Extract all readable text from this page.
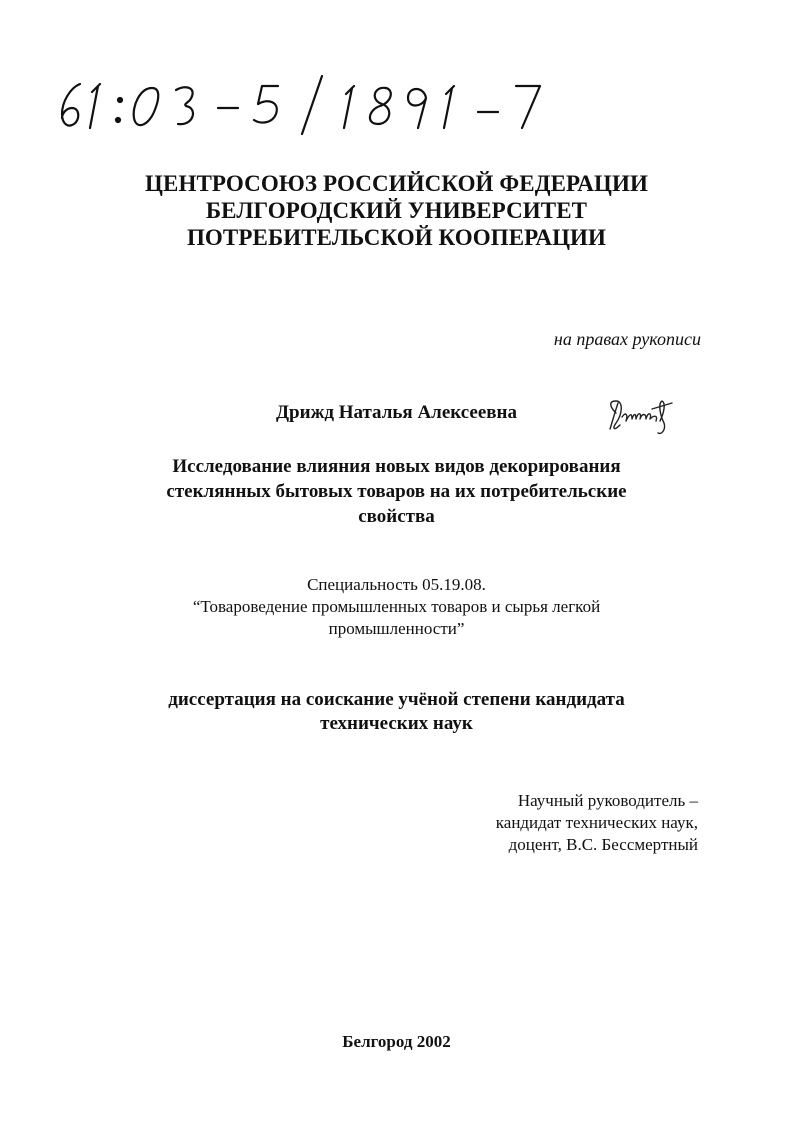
ЦЕНТРОСОЮЗ РОССИЙСКОЙ ФЕДЕРАЦИИ
БЕЛГОРОДСКИЙ УНИВЕРСИТЕТ
ПОТРЕБИТЕЛЬСКОЙ КООПЕРАЦИИ
на правах рукописи
Дрижд Наталья Алексеевна
Исследование влияния новых видов декорирования
стеклянных бытовых товаров на их потребительские
свойства
Специальность 05.19.08.
“Товароведение промышленных товаров и сырья легкой
промышленности”
диссертация на соискание учёной степени кандидата
технических наук
Научный руководитель –
кандидат технических наук,
доцент, В.С. Бессмертный
Белгород 2002
